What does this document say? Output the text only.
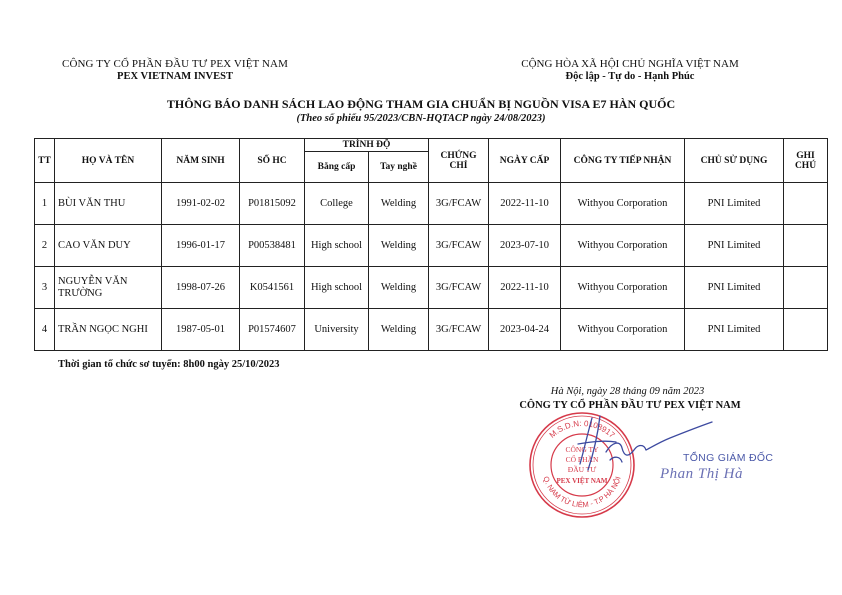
CÔNG TY CỔ PHẦN ĐẦU TƯ PEX VIỆT NAM
PEX VIETNAM INVEST
CỘNG HÒA XÃ HỘI CHỦ NGHĨA VIỆT NAM
Độc lập - Tự do - Hạnh Phúc
THÔNG BÁO DANH SÁCH LAO ĐỘNG THAM GIA CHUẨN BỊ NGUỒN VISA E7 HÀN QUỐC
(Theo số phiếu 95/2023/CBN-HQTACP ngày 24/08/2023)
TT	HỌ VÀ TÊN	NĂM SINH	SỐ HC	TRÌNH ĐỘ		CHỨNG CHỈ	NGÀY CẤP	CÔNG TY TIẾP NHẬN	CHỦ SỬ DỤNG	GHI CHÚ
				Bằng cấp	Tay nghề					
1	BÙI VĂN THU	1991-02-02	P01815092	College	Welding	3G/FCAW	2022-11-10	Withyou Corporation	PNI Limited	
2	CAO VĂN DUY	1996-01-17	P00538481	High school	Welding	3G/FCAW	2023-07-10	Withyou Corporation	PNI Limited	
3	NGUYỄN VĂN TRƯỜNG	1998-07-26	K0541561	High school	Welding	3G/FCAW	2022-11-10	Withyou Corporation	PNI Limited	
4	TRẦN NGỌC NGHI	1987-05-01	P01574607	University	Welding	3G/FCAW	2023-04-24	Withyou Corporation	PNI Limited	
Thời gian tổ chức sơ tuyển: 8h00 ngày 25/10/2023
Hà Nội, ngày 28 tháng 09 năm 2023
CÔNG TY CỔ PHẦN ĐẦU TƯ PEX VIỆT NAM
M.S.D.N: 0108917
Q. NAM TỪ LIÊM - T.P HÀ NỘI
CÔNG TY
CỔ PHẦN
ĐẦU TƯ
PEX VIỆT NAM
TỔNG GIÁM ĐỐC
Phan Thị Hà
